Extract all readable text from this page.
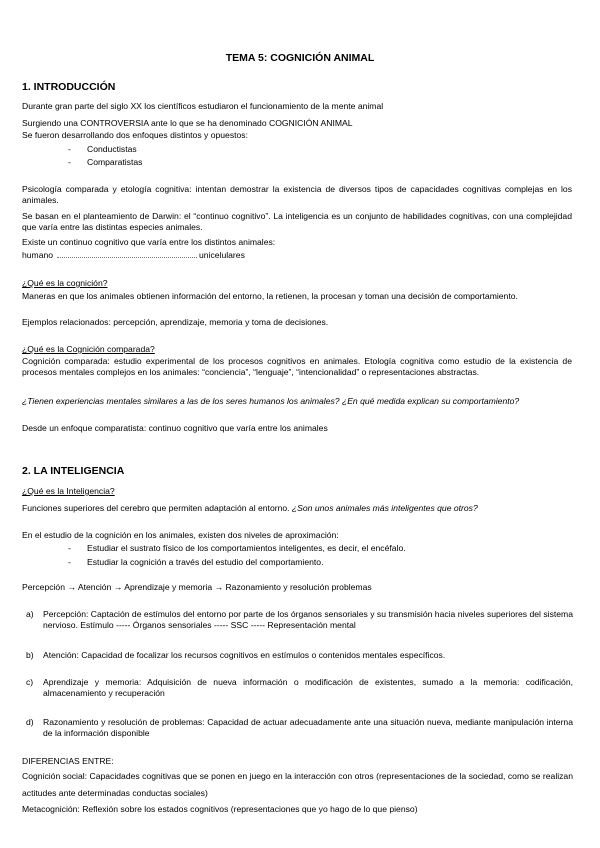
TEMA 5: COGNICIÓN ANIMAL
1. INTRODUCCIÓN
Durante gran parte del siglo XX los científicos estudiaron el funcionamiento de la mente animal
Surgiendo una CONTROVERSIA ante lo que se ha denominado COGNICIÓN ANIMAL
Se fueron desarrollando dos enfoques distintos y opuestos:
- Conductistas
- Comparatistas
Psicología comparada y etología cognitiva: intentan demostrar la existencia de diversos tipos de capacidades cognitivas complejas en los animales.
Se basan en el planteamiento de Darwin: el “continuo cognitivo”. La inteligencia es un conjunto de habilidades cognitivas, con una complejidad que varía entre las distintas especies animales.
Existe un continuo cognitivo que varía entre los distintos animales:
humano	unicelulares
¿Qué es la cognición?
Maneras en que los animales obtienen información del entorno, la retienen, la procesan y toman una decisión de comportamiento.
Ejemplos relacionados: percepción, aprendizaje, memoria y toma de decisiones.
¿Qué es la Cognición comparada?
Cognición comparada: estudio experimental de los procesos cognitivos en animales. Etología cognitiva como estudio de la existencia de procesos mentales complejos en los animales: “conciencia”, “lenguaje”, “intencionalidad” o representaciones abstractas.
¿Tienen experiencias mentales similares a las de los seres humanos los animales? ¿En qué medida explican su comportamiento?
Desde un enfoque comparatista: continuo cognitivo que varía entre los animales
2. LA INTELIGENCIA
¿Qué es la Inteligencia?
Funciones superiores del cerebro que permiten adaptación al entorno. ¿Son unos animales más inteligentes que otros?
En el estudio de la cognición en los animales, existen dos niveles de aproximación:
- Estudiar el sustrato físico de los comportamientos inteligentes, es decir, el encéfalo.
- Estudiar la cognición a través del estudio del comportamiento.
Percepción → Atención → Aprendizaje y memoria → Razonamiento y resolución problemas
a) Percepción: Captación de estímulos del entorno por parte de los órganos sensoriales y su transmisión hacia niveles superiores del sistema nervioso. Estímulo ----- Órganos sensoriales ----- SSC ----- Representación mental
b) Atención: Capacidad de focalizar los recursos cognitivos en estímulos o contenidos mentales específicos.
c) Aprendizaje y memoria: Adquisición de nueva información o modificación de existentes, sumado a la memoria: codificación, almacenamiento y recuperación
d) Razonamiento y resolución de problemas: Capacidad de actuar adecuadamente ante una situación nueva, mediante manipulación interna de la información disponible
DIFERENCIAS ENTRE:
Cognición social: Capacidades cognitivas que se ponen en juego en la interacción con otros (representaciones de la sociedad, como se realizan actitudes ante determinadas conductas sociales)
Metacognición: Reflexión sobre los estados cognitivos (representaciones que yo hago de lo que pienso)
